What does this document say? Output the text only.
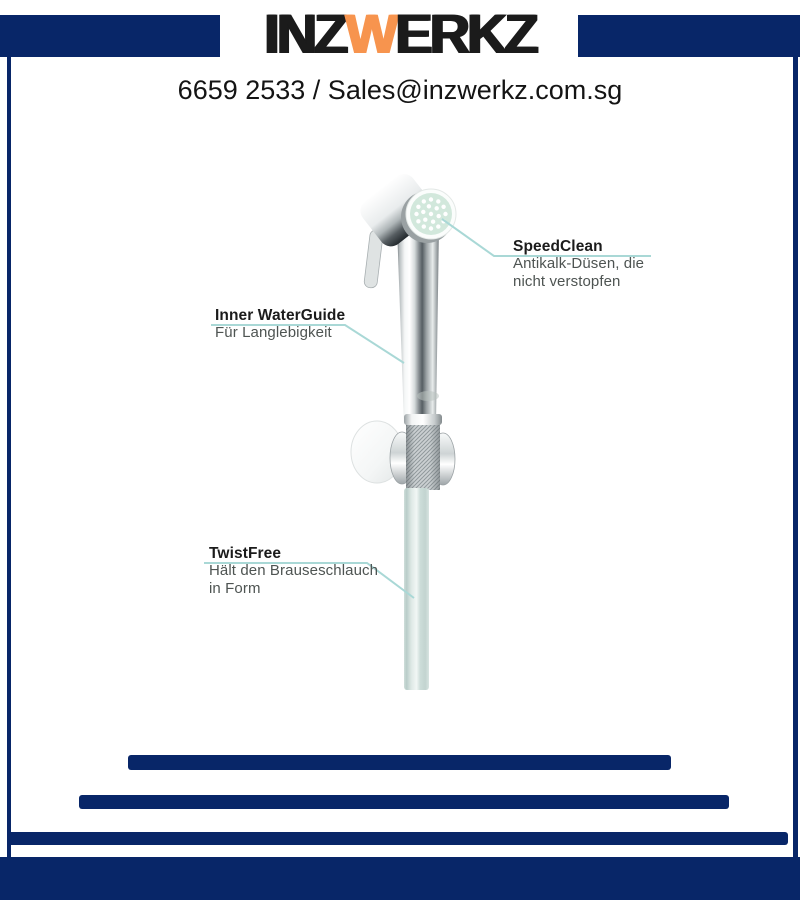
INZWERKZ
6659 2533 / Sales@inzwerkz.com.sg
SpeedClean
Antikalk-Düsen, die
nicht verstopfen
Inner WaterGuide
Für Langlebigkeit
TwistFree
Hält den Brauseschlauch
in Form
